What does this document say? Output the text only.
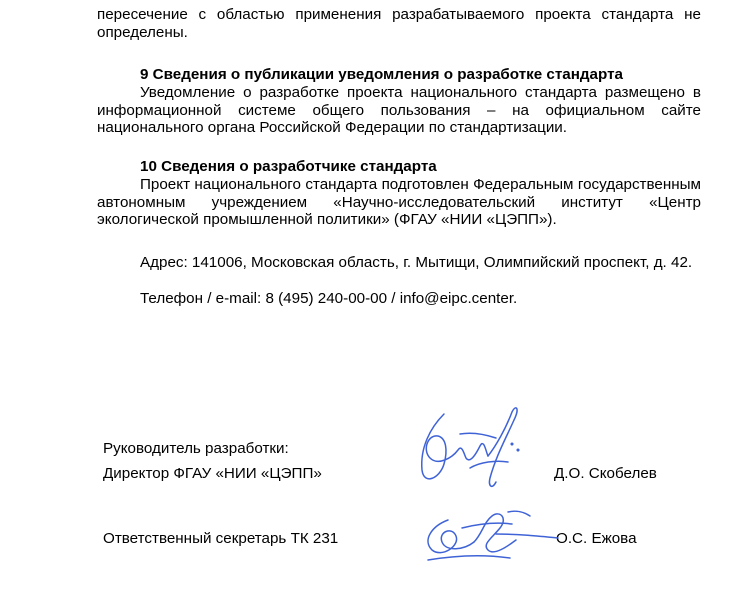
пересечение с областью применения разрабатываемого проекта стандарта не определены.

9 Сведения о публикации уведомления о разработке стандарта

Уведомление о разработке проекта национального стандарта размещено в информационной системе общего пользования – на официальном сайте национального органа Российской Федерации по стандартизации.

10 Сведения о разработчике стандарта

Проект национального стандарта подготовлен Федеральным государственным автономным учреждением «Научно-исследовательский институт «Центр экологической промышленной политики» (ФГАУ «НИИ «ЦЭПП»).

Адрес: 141006, Московская область, г. Мытищи, Олимпийский проспект, д. 42.

Телефон / e-mail: 8 (495) 240-00-00 / info@eipc.center.

Руководитель разработки:
Директор ФГАУ «НИИ «ЦЭПП»	Д.О. Скобелев
Ответственный секретарь ТК 231	О.С. Ежова
